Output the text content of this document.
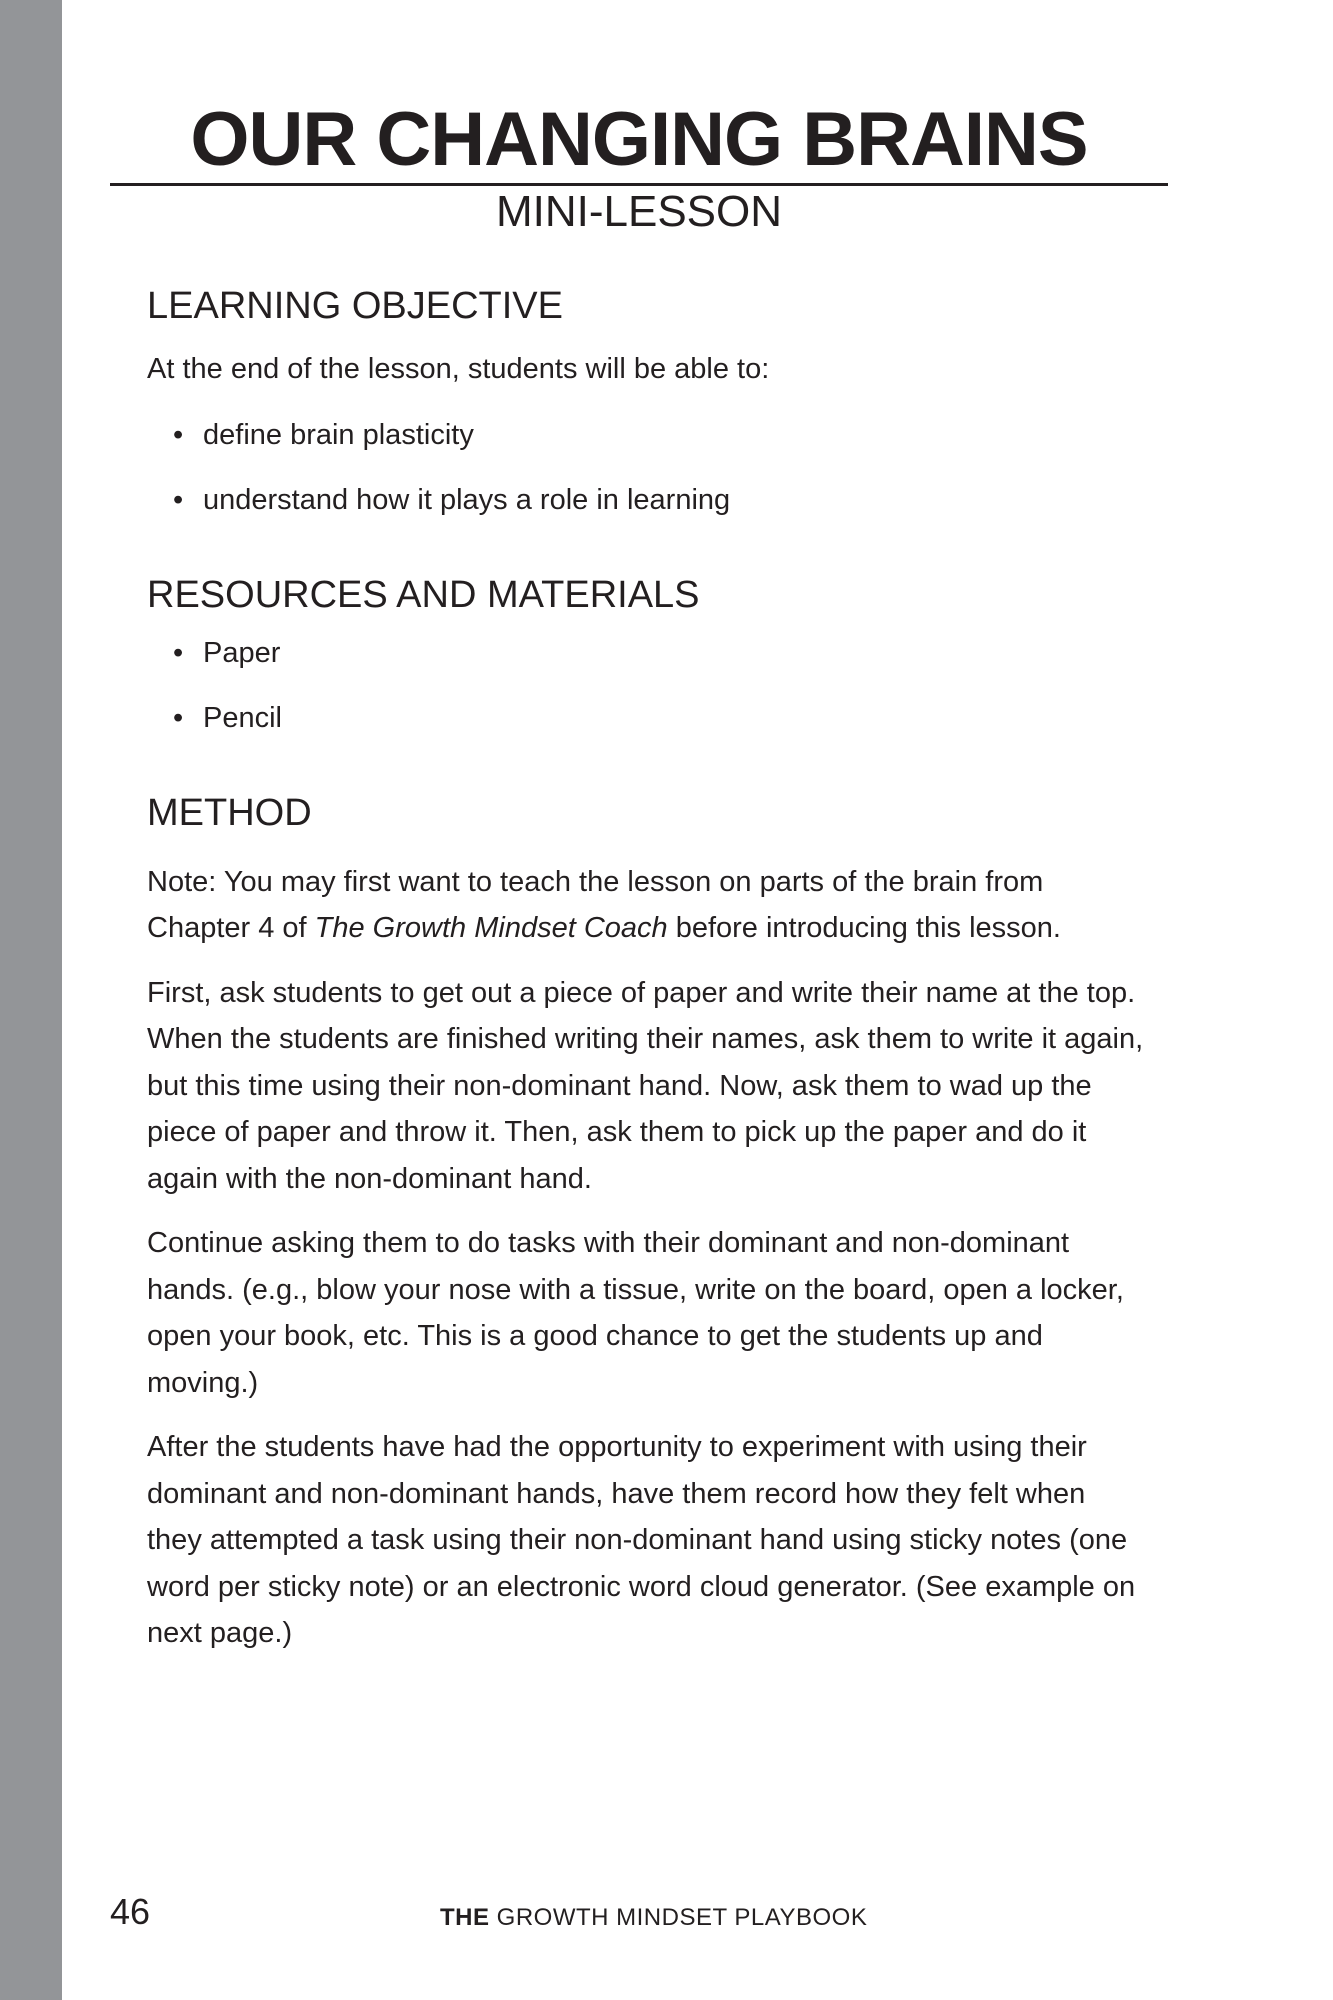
OUR CHANGING BRAINS
MINI-LESSON
LEARNING OBJECTIVE

At the end of the lesson, students will be able to:

• define brain plasticity
• understand how it plays a role in learning
RESOURCES AND MATERIALS
• Paper
• Pencil
METHOD

Note: You may first want to teach the lesson on parts of the brain from Chapter 4 of The Growth Mindset Coach before introducing this lesson.

First, ask students to get out a piece of paper and write their name at the top. When the students are finished writing their names, ask them to write it again, but this time using their non-dominant hand. Now, ask them to wad up the piece of paper and throw it. Then, ask them to pick up the paper and do it again with the non-dominant hand.

Continue asking them to do tasks with their dominant and non-dominant hands. (e.g., blow your nose with a tissue, write on the board, open a locker, open your book, etc. This is a good chance to get the students up and moving.)

After the students have had the opportunity to experiment with using their dominant and non-dominant hands, have them record how they felt when they attempted a task using their non-dominant hand using sticky notes (one word per sticky note) or an electronic word cloud generator. (See example on next page.)

46	THE GROWTH MINDSET PLAYBOOK
